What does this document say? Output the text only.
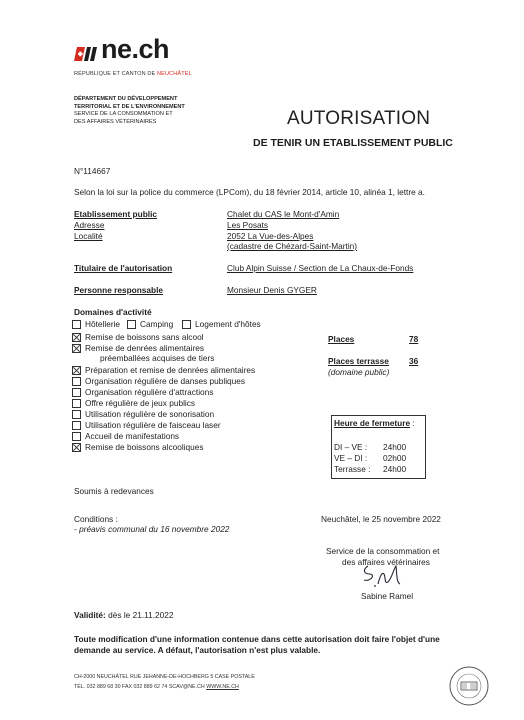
ne.ch
RÉPUBLIQUE ET CANTON DE NEUCHÂTEL
DÉPARTEMENT DU DÉVELOPPEMENT
TERRITORIAL ET DE L'ENVIRONNEMENT
SERVICE DE LA CONSOMMATION ET
DES AFFAIRES VÉTÉRINAIRES	AUTORISATION
DE TENIR UN ETABLISSEMENT PUBLIC
N°114667
Selon la loi sur la police du commerce (LPCom), du 18 février 2014, article 10, alinéa 1, lettre a.
Etablissement public	Chalet du CAS le Mont-d'Amin
Adresse	Les Posats
Localité	2052 La Vue-des-Alpes
(cadastre de Chézard-Saint-Martin)
Titulaire de l'autorisation	Club Alpin Suisse / Section de La Chaux-de-Fonds
Personne responsable	Monsieur Denis GYGER
Domaines d'activité
Hôtellerie Camping	Logement d'hôtes
Remise de boissons sans alcool
Remise de denrées alimentaires
préemballées acquises de tiers
Préparation et remise de denrées alimentaires
Organisation régulière de danses publiques
Organisation régulière d'attractions
Offre régulière de jeux publics
Utilisation régulière de sonorisation
Utilisation régulière de faisceau laser
Accueil de manifestations
Remise de boissons alcooliques
Places	78
Places terrasse 36
(domaine public)
Heure de fermeture :
DI – VE : 24h00
VE – DI : 02h00
Terrasse : 24h00
Soumis à redevances
Conditions :
- préavis communal du 16 novembre 2022
Neuchâtel, le 25 novembre 2022
Service de la consommation et
des affaires vétérinaires
Sabine Ramel
Validité: dès le 21.11.2022
Toute modification d'une information contenue dans cette autorisation doit faire l'objet d'une
demande au service. A défaut, l'autorisation n'est plus valable.
CH-2000 NEUCHÂTEL RUE JEHANNE-DE-HOCHBERG 5 CASE POSTALE
TÉL. 032 889 68 30 FAX 032 889 62 74 SCAV@NE.CH WWW.NE.CH
